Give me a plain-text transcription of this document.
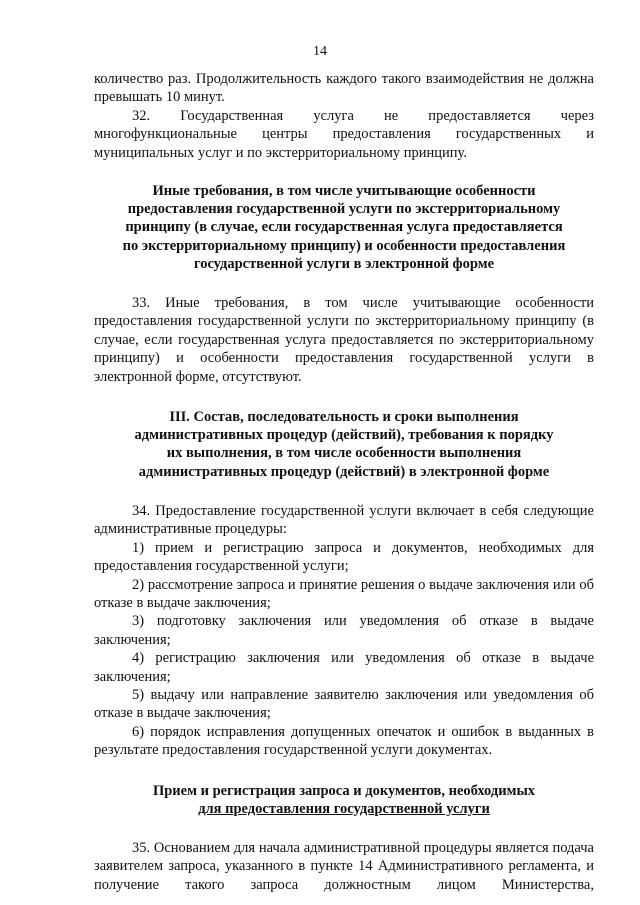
14

количество раз. Продолжительность каждого такого взаимодействия не должна превышать 10 минут.

32. Государственная услуга не предоставляется через многофункциональные центры предоставления государственных и муниципальных услуг и по экстерриториальному принципу.

Иные требования, в том числе учитывающие особенности
предоставления государственной услуги по экстерриториальному
принципу (в случае, если государственная услуга предоставляется
по экстерриториальному принципу) и особенности предоставления
государственной услуги в электронной форме

33. Иные требования, в том числе учитывающие особенности предоставления государственной услуги по экстерриториальному принципу (в случае, если государственная услуга предоставляется по экстерриториальному принципу) и особенности предоставления государственной услуги в электронной форме, отсутствуют.

III. Состав, последовательность и сроки выполнения
административных процедур (действий), требования к порядку
их выполнения, в том числе особенности выполнения
административных процедур (действий) в электронной форме

34. Предоставление государственной услуги включает в себя следующие административные процедуры:

1) прием и регистрацию запроса и документов, необходимых для предоставления государственной услуги;

2) рассмотрение запроса и принятие решения о выдаче заключения или об отказе в выдаче заключения;

3) подготовку заключения или уведомления об отказе в выдаче заключения;

4) регистрацию заключения или уведомления об отказе в выдаче заключения;

5) выдачу или направление заявителю заключения или уведомления об отказе в выдаче заключения;

6) порядок исправления допущенных опечаток и ошибок в выданных в результате предоставления государственной услуги документах.

Прием и регистрация запроса и документов, необходимых
для предоставления государственной услуги

35. Основанием для начала административной процедуры является подача заявителем запроса, указанного в пункте 14 Административного регламента, и получение такого запроса должностным лицом Министерства,
